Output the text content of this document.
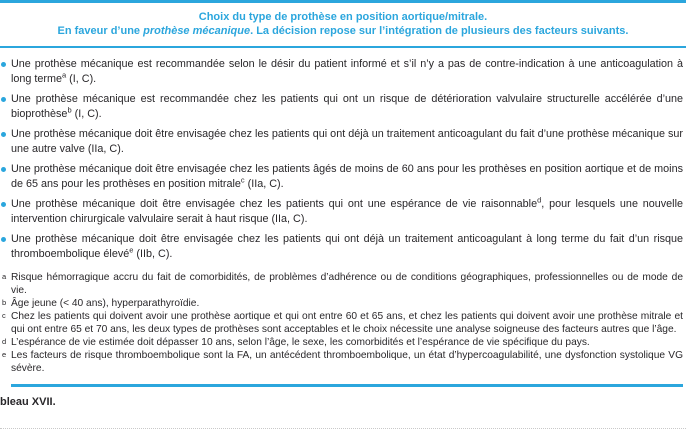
Choix du type de prothèse en position aortique/mitrale.
En faveur d’une prothèse mécanique. La décision repose sur l’intégration de plusieurs des facteurs suivants.
Une prothèse mécanique est recommandée selon le désir du patient informé et s’il n’y a pas de contre-indication à une anticoagulation à long terme$^a$ (I, C).
Une prothèse mécanique est recommandée chez les patients qui ont un risque de détérioration valvulaire structurelle accélérée d’une bioprothèse$^b$ (I, C).
Une prothèse mécanique doit être envisagée chez les patients qui ont déjà un traitement anticoagulant du fait d’une prothèse mécanique sur une autre valve (IIa, C).
Une prothèse mécanique doit être envisagée chez les patients âgés de moins de 60 ans pour les prothèses en position aortique et de moins de 65 ans pour les prothèses en position mitrale$^c$ (IIa, C).
Une prothèse mécanique doit être envisagée chez les patients qui ont une espérance de vie raisonnable$^d$, pour lesquels une nouvelle intervention chirurgicale valvulaire serait à haut risque (IIa, C).
Une prothèse mécanique doit être envisagée chez les patients qui ont déjà un traitement anticoagulant à long terme du fait d’un risque thromboembolique élevé$^e$ (IIb, C).
a Risque hémorragique accru du fait de comorbidités, de problèmes d’adhérence ou de conditions géographiques, professionnelles ou de mode de vie.
b Âge jeune (< 40 ans), hyperparathyroïdie.
c Chez les patients qui doivent avoir une prothèse aortique et qui ont entre 60 et 65 ans, et chez les patients qui doivent avoir une prothèse mitrale et qui ont entre 65 et 70 ans, les deux types de prothèses sont acceptables et le choix nécessite une analyse soigneuse des facteurs autres que l’âge.
d L’espérance de vie estimée doit dépasser 10 ans, selon l’âge, le sexe, les comorbidités et l’espérance de vie spécifique du pays.
e Les facteurs de risque thromboembolique sont la FA, un antécédent thromboembolique, un état d’hypercoagulabilité, une dysfonction systolique VG sévère.
bleau XVII.
